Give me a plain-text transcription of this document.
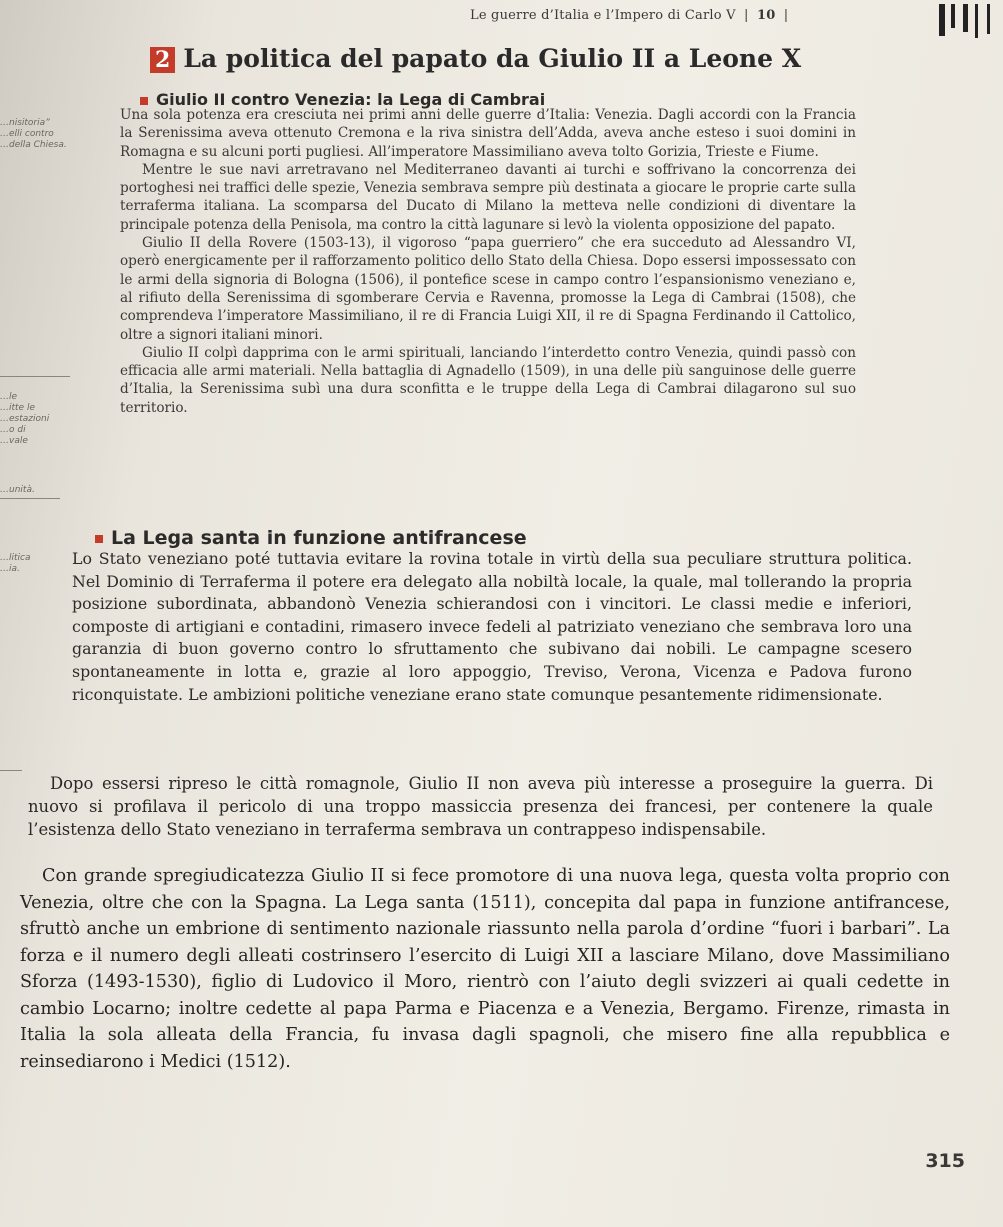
Le guerre d’Italia e l’Impero di Carlo V | 10 |
2 La politica del papato da Giulio II a Leone X
Giulio II contro Venezia: la Lega di Cambrai

Una sola potenza era cresciuta nei primi anni delle guerre d’Italia: Venezia. Dagli accordi con la Francia la Serenissima aveva ottenuto Cremona e la riva sinistra dell’Adda, aveva anche esteso i suoi domini in Romagna e su alcuni porti pugliesi. All’imperatore Massimiliano aveva tolto Gorizia, Trieste e Fiume.

Mentre le sue navi arretravano nel Mediterraneo davanti ai turchi e soffrivano la concorrenza dei portoghesi nei traffici delle spezie, Venezia sembrava sempre più destinata a giocare le proprie carte sulla terraferma italiana. La scomparsa del Ducato di Milano la metteva nelle condizioni di diventare la principale potenza della Penisola, ma contro la città lagunare si levò la violenta opposizione del papato.

Giulio II della Rovere (1503-13), il vigoroso “papa guerriero” che era succeduto ad Alessandro VI, operò energicamente per il rafforzamento politico dello Stato della Chiesa. Dopo essersi impossessato con le armi della signoria di Bologna (1506), il pontefice scese in campo contro l’espansionismo veneziano e, al rifiuto della Serenissima di sgomberare Cervia e Ravenna, promosse la Lega di Cambrai (1508), che comprendeva l’imperatore Massimiliano, il re di Francia Luigi XII, il re di Spagna Ferdinando il Cattolico, oltre a signori italiani minori.

Giulio II colpì dapprima con le armi spirituali, lanciando l’interdetto contro Venezia, quindi passò con efficacia alle armi materiali. Nella battaglia di Agnadello (1509), in una delle più sanguinose delle guerre d’Italia, la Serenissima subì una dura sconfitta e le truppe della Lega di Cambrai dilagarono sul suo territorio.

La Lega santa in funzione antifrancese

Lo Stato veneziano poté tuttavia evitare la rovina totale in virtù della sua peculiare struttura politica. Nel Dominio di Terraferma il potere era delegato alla nobiltà locale, la quale, mal tollerando la propria posizione subordinata, abbandonò Venezia schierandosi con i vincitori. Le classi medie e inferiori, composte di artigiani e contadini, rimasero invece fedeli al patriziato veneziano che sembrava loro una garanzia di buon governo contro lo sfruttamento che subivano dai nobili. Le campagne scesero spontaneamente in lotta e, grazie al loro appoggio, Treviso, Verona, Vicenza e Padova furono riconquistate. Le ambizioni politiche veneziane erano state comunque pesantemente ridimensionate.

Dopo essersi ripreso le città romagnole, Giulio II non aveva più interesse a proseguire la guerra. Di nuovo si profilava il pericolo di una troppo massiccia presenza dei francesi, per contenere la quale l’esistenza dello Stato veneziano in terraferma sembrava un contrappeso indispensabile.

Con grande spregiudicatezza Giulio II si fece promotore di una nuova lega, questa volta proprio con Venezia, oltre che con la Spagna. La Lega santa (1511), concepita dal papa in funzione antifrancese, sfruttò anche un embrione di sentimento nazionale riassunto nella parola d’ordine “fuori i barbari”. La forza e il numero degli alleati costrinsero l’esercito di Luigi XII a lasciare Milano, dove Massimiliano Sforza (1493-1530), figlio di Ludovico il Moro, rientrò con l’aiuto degli svizzeri ai quali cedette in cambio Locarno; inoltre cedette al papa Parma e Piacenza e a Venezia, Bergamo. Firenze, rimasta in Italia la sola alleata della Francia, fu invasa dagli spagnoli, che misero fine alla repubblica e reinsediarono i Medici (1512).

…nisitoria”
…elli contro
…della Chiesa.
…le
…itte le
…estazioni
…o di
…vale
…unità.
…litica
…ia.
315
